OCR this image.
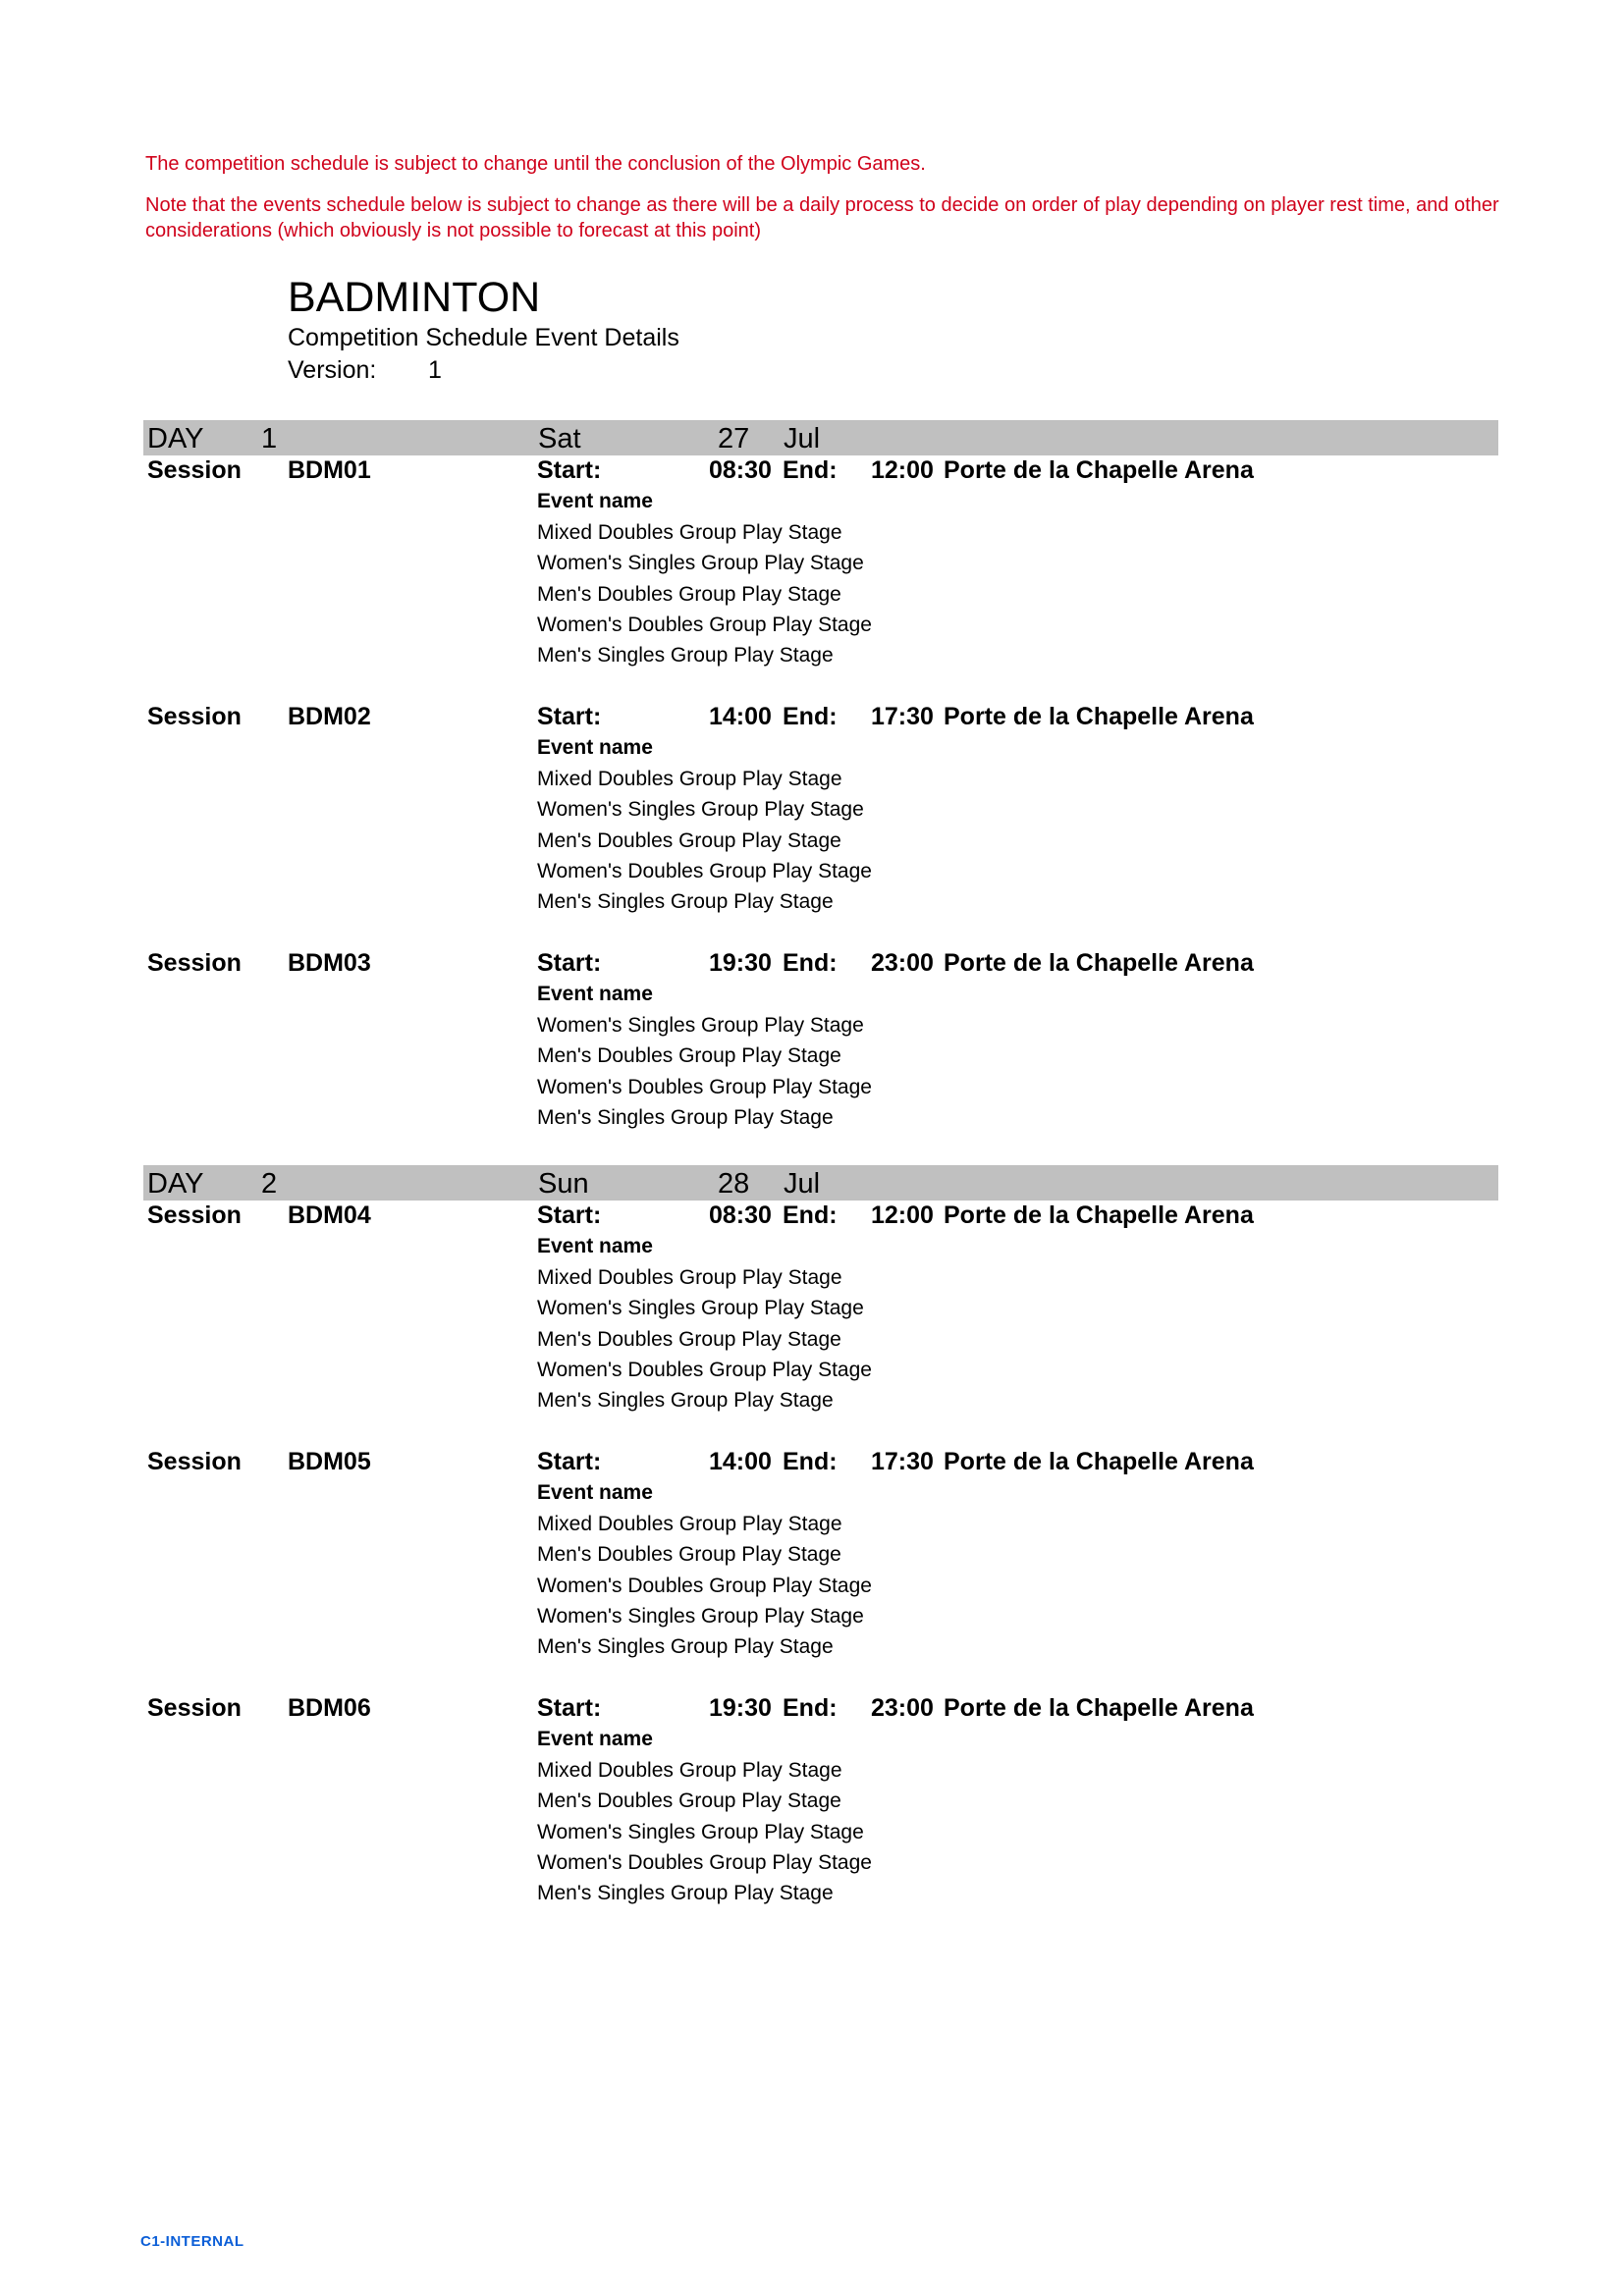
The competition schedule is subject to change until the conclusion of the Olympic Games.
Note that the events schedule below is subject to change as there will be a daily process to decide on order of play depending on player rest time, and other considerations (which obviously is not possible to forecast at this point)
BADMINTON
Competition Schedule Event Details
Version: 1
DAY 1	Sat	27 Jul
Session BDM01	Start:	08:30 End: 12:00 Porte de la Chapelle Arena
Event name
Mixed Doubles Group Play Stage
Women's Singles Group Play Stage
Men's Doubles Group Play Stage
Women's Doubles Group Play Stage
Men's Singles Group Play Stage
Session BDM02	Start:	14:00 End: 17:30 Porte de la Chapelle Arena
Event name
Mixed Doubles Group Play Stage
Women's Singles Group Play Stage
Men's Doubles Group Play Stage
Women's Doubles Group Play Stage
Men's Singles Group Play Stage
Session BDM03	Start:	19:30 End: 23:00 Porte de la Chapelle Arena
Event name
Women's Singles Group Play Stage
Men's Doubles Group Play Stage
Women's Doubles Group Play Stage
Men's Singles Group Play Stage
DAY 2	Sun	28 Jul
Session BDM04	Start:	08:30 End: 12:00 Porte de la Chapelle Arena
Event name
Mixed Doubles Group Play Stage
Women's Singles Group Play Stage
Men's Doubles Group Play Stage
Women's Doubles Group Play Stage
Men's Singles Group Play Stage
Session BDM05	Start:	14:00 End: 17:30 Porte de la Chapelle Arena
Event name
Mixed Doubles Group Play Stage
Men's Doubles Group Play Stage
Women's Doubles Group Play Stage
Women's Singles Group Play Stage
Men's Singles Group Play Stage
Session BDM06	Start:	19:30 End: 23:00 Porte de la Chapelle Arena
Event name
Mixed Doubles Group Play Stage
Men's Doubles Group Play Stage
Women's Singles Group Play Stage
Women's Doubles Group Play Stage
Men's Singles Group Play Stage
C1-INTERNAL
